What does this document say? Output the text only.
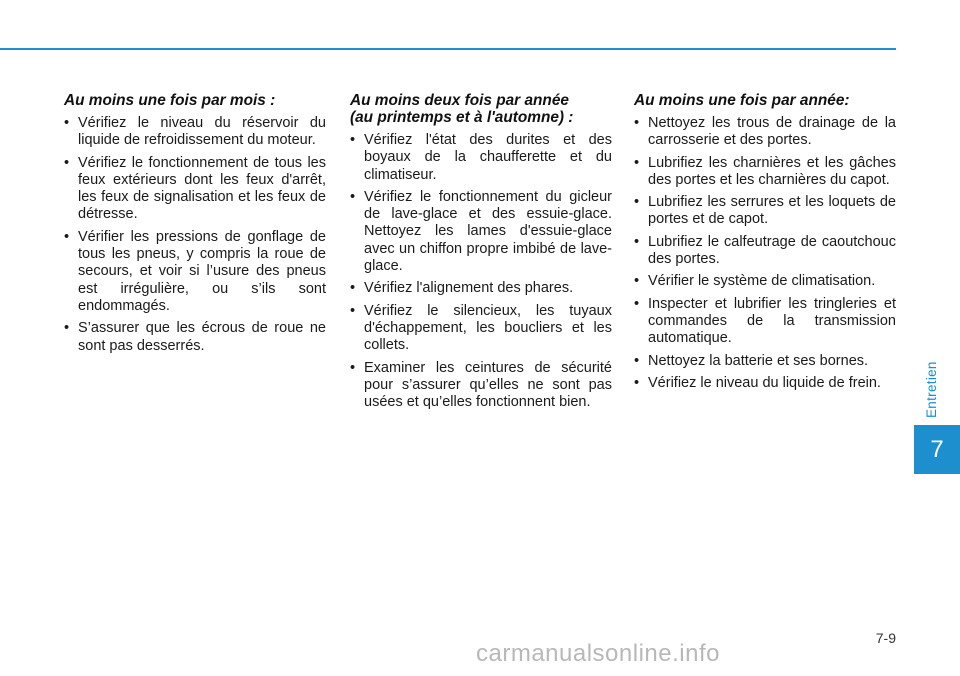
Au moins une fois par mois :
• Vérifiez le niveau du réservoir du liquide de refroidissement du moteur.
• Vérifiez le fonctionnement de tous les feux extérieurs dont les feux d'arrêt, les feux de signalisation et les feux de détresse.
• Vérifier les pressions de gonflage de tous les pneus, y compris la roue de secours, et voir si l’usure des pneus est irrégulière, ou s’ils sont endommagés.
• S’assurer que les écrous de roue ne sont pas desserrés.
Au moins deux fois par année
(au printemps et à l'automne) :
• Vérifiez l'état des durites et des boyaux de la chaufferette et du climatiseur.
• Vérifiez le fonctionnement du gicleur de lave-glace et des essuie-glace. Nettoyez les lames d'essuie-glace avec un chiffon propre imbibé de lave-glace.
• Vérifiez l'alignement des phares.
• Vérifiez le silencieux, les tuyaux d'échappement, les boucliers et les collets.
• Examiner les ceintures de sécurité pour s’assurer qu’elles ne sont pas usées et qu’elles fonctionnent bien.
Au moins une fois par année:
• Nettoyez les trous de drainage de la carrosserie et des portes.
• Lubrifiez les charnières et les gâches des portes et les charnières du capot.
• Lubrifiez les serrures et les loquets de portes et de capot.
• Lubrifiez le calfeutrage de caoutchouc des portes.
• Vérifier le système de climatisation.
• Inspecter et lubrifier les tringleries et commandes de la transmission automatique.
• Nettoyez la batterie et ses bornes.
• Vérifiez le niveau du liquide de frein.	Entretien
7
7-9
carmanualsonline.info
